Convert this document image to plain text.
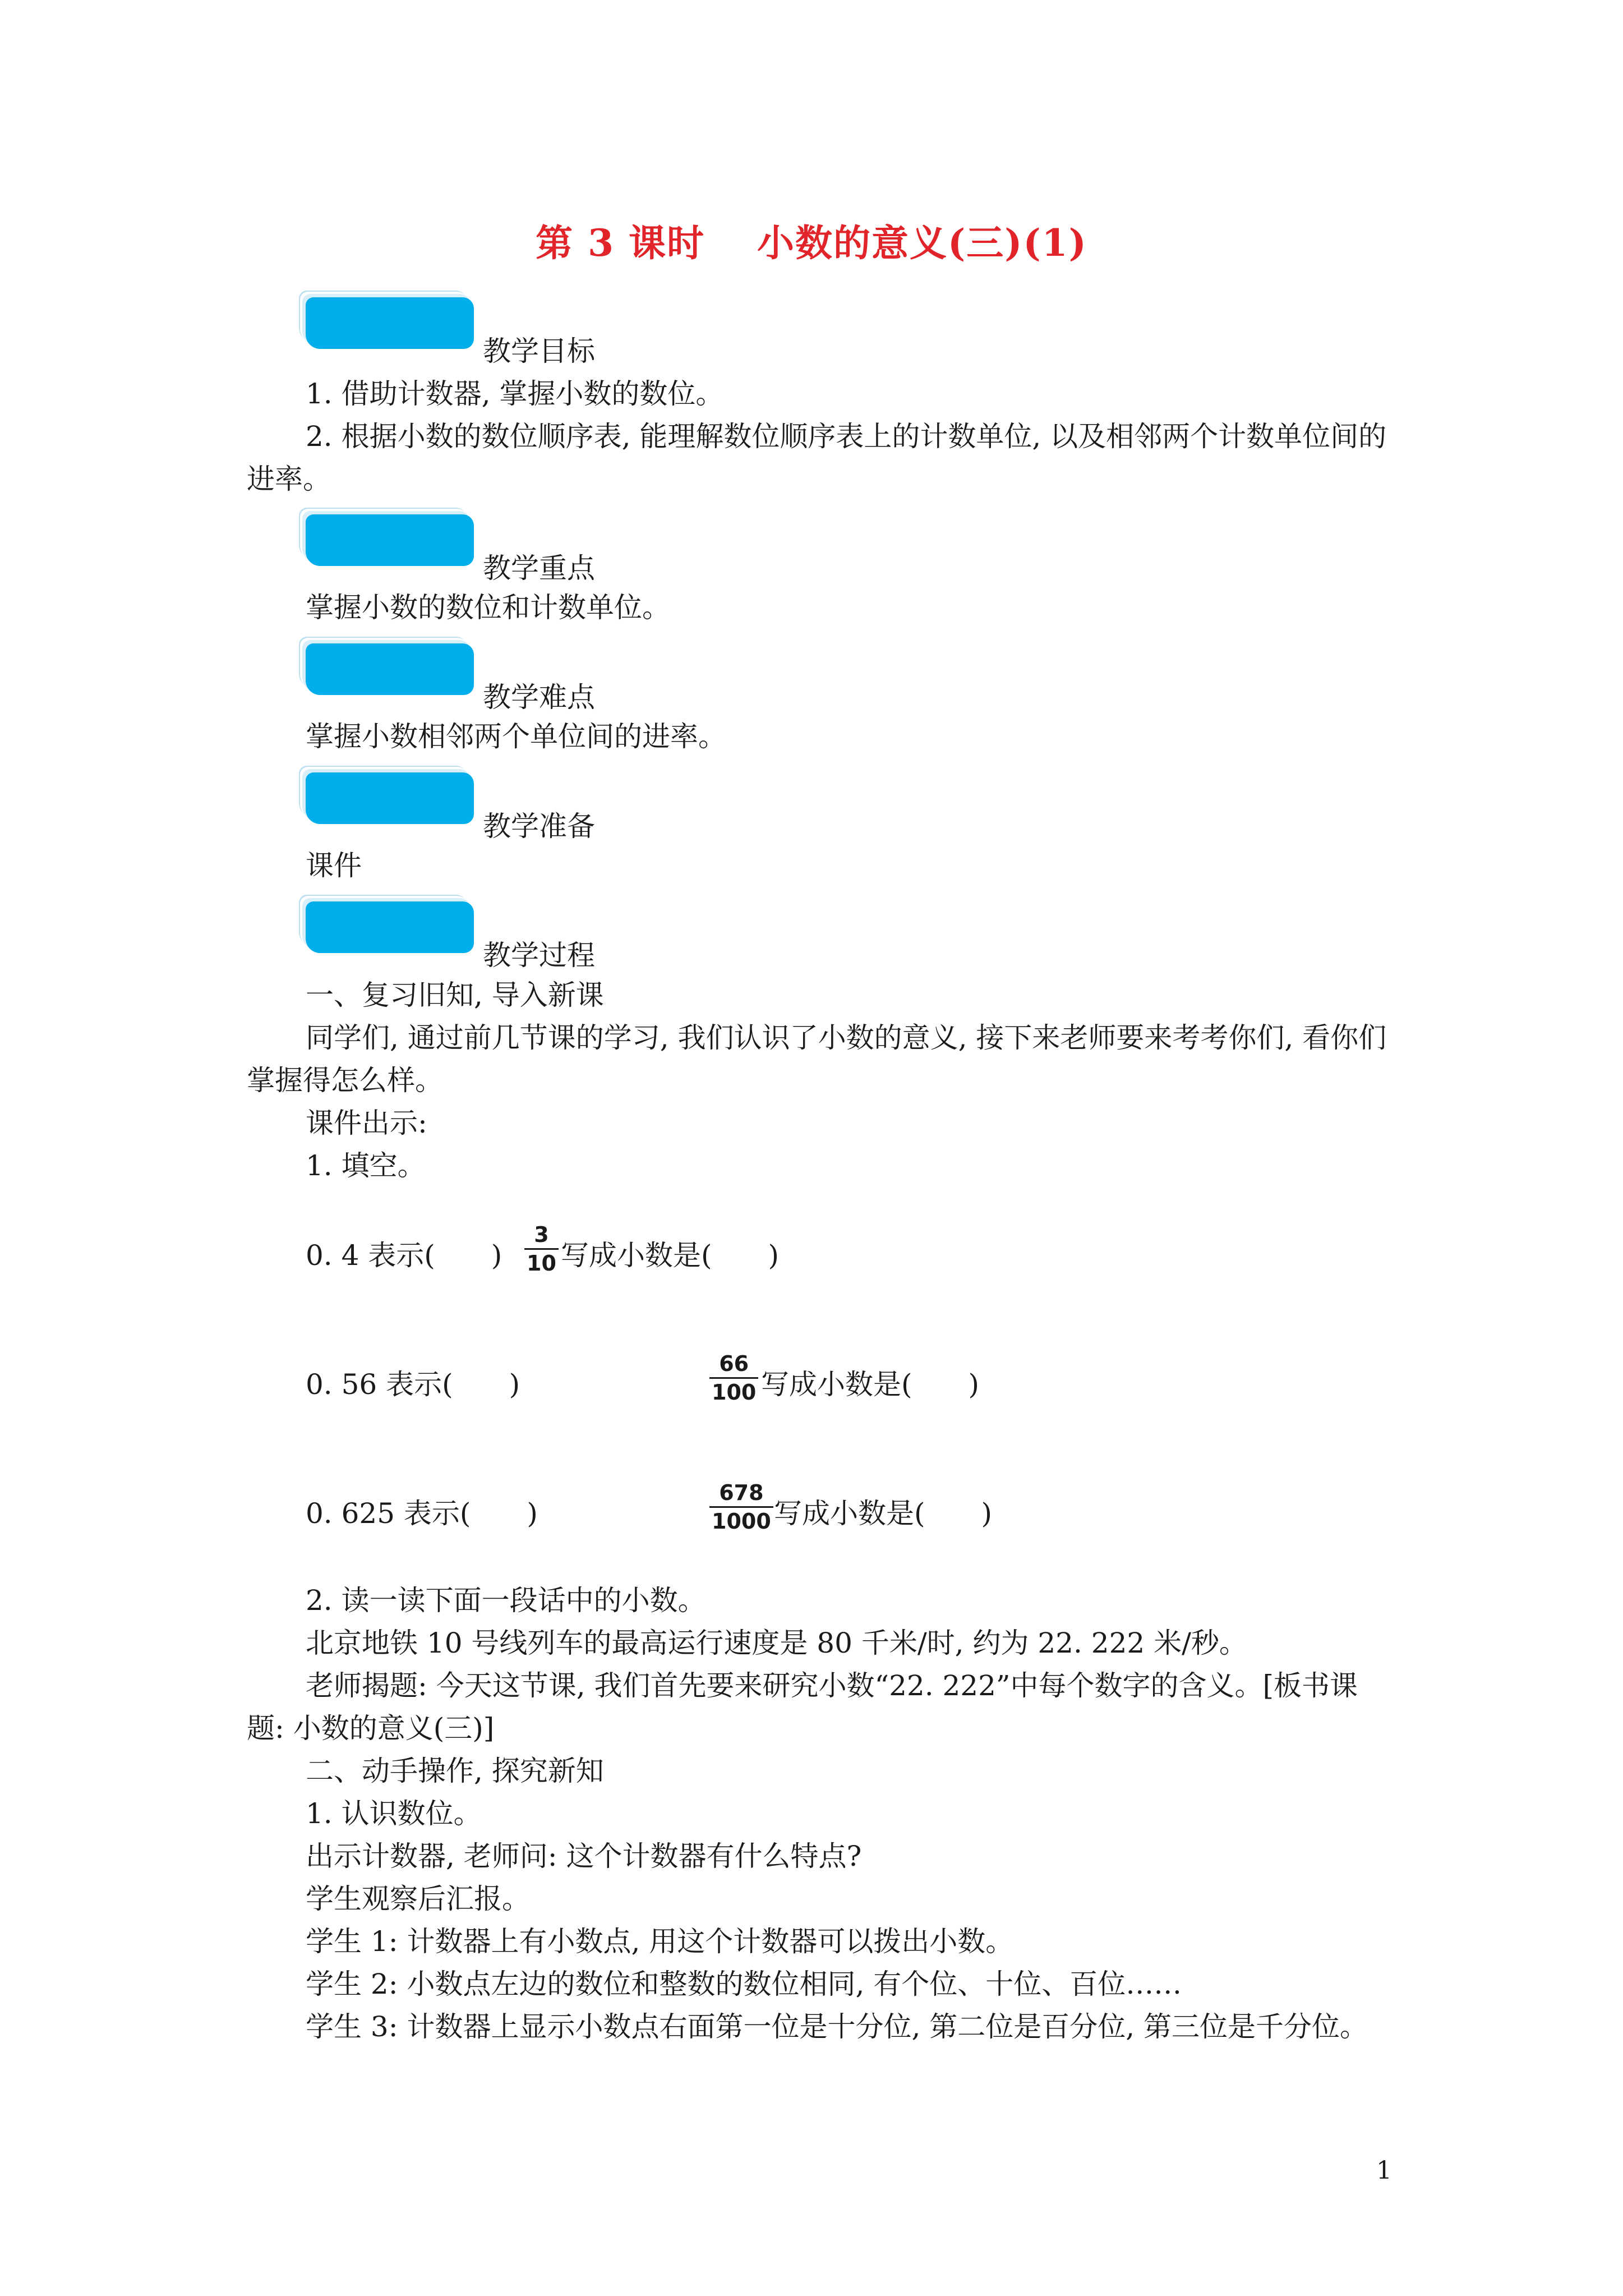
第 3 课时　 小数的意义(三)(1)
教学目标
1. 借助计数器, 掌握小数的数位。
2. 根据小数的数位顺序表, 能理解数位顺序表上的计数单位, 以及相邻两个计数单位间的进率。
教学重点
掌握小数的数位和计数单位。
教学难点
掌握小数相邻两个单位间的进率。
教学准备
课件
教学过程
一、复习旧知, 导入新课
同学们, 通过前几节课的学习, 我们认识了小数的意义, 接下来老师要来考考你们, 看你们掌握得怎么样。
课件出示:
1. 填空。
0. 4 表示(　　)
3
10 写成小数是(　　)
0. 56 表示(　　)
66
100 写成小数是(　　)
0. 625 表示(　　)
678
1000 写成小数是(　　)
2. 读一读下面一段话中的小数。
北京地铁 10 号线列车的最高运行速度是 80 千米/时, 约为 22. 222 米/秒。
老师揭题: 今天这节课, 我们首先要来研究小数“22. 222”中每个数字的含义。[板书课题: 小数的意义(三)]
二、动手操作, 探究新知
1. 认识数位。
出示计数器, 老师问: 这个计数器有什么特点?
学生观察后汇报。
学生 1: 计数器上有小数点, 用这个计数器可以拨出小数。
学生 2: 小数点左边的数位和整数的数位相同, 有个位、十位、百位……
学生 3: 计数器上显示小数点右面第一位是十分位, 第二位是百分位, 第三位是千分位。
1
